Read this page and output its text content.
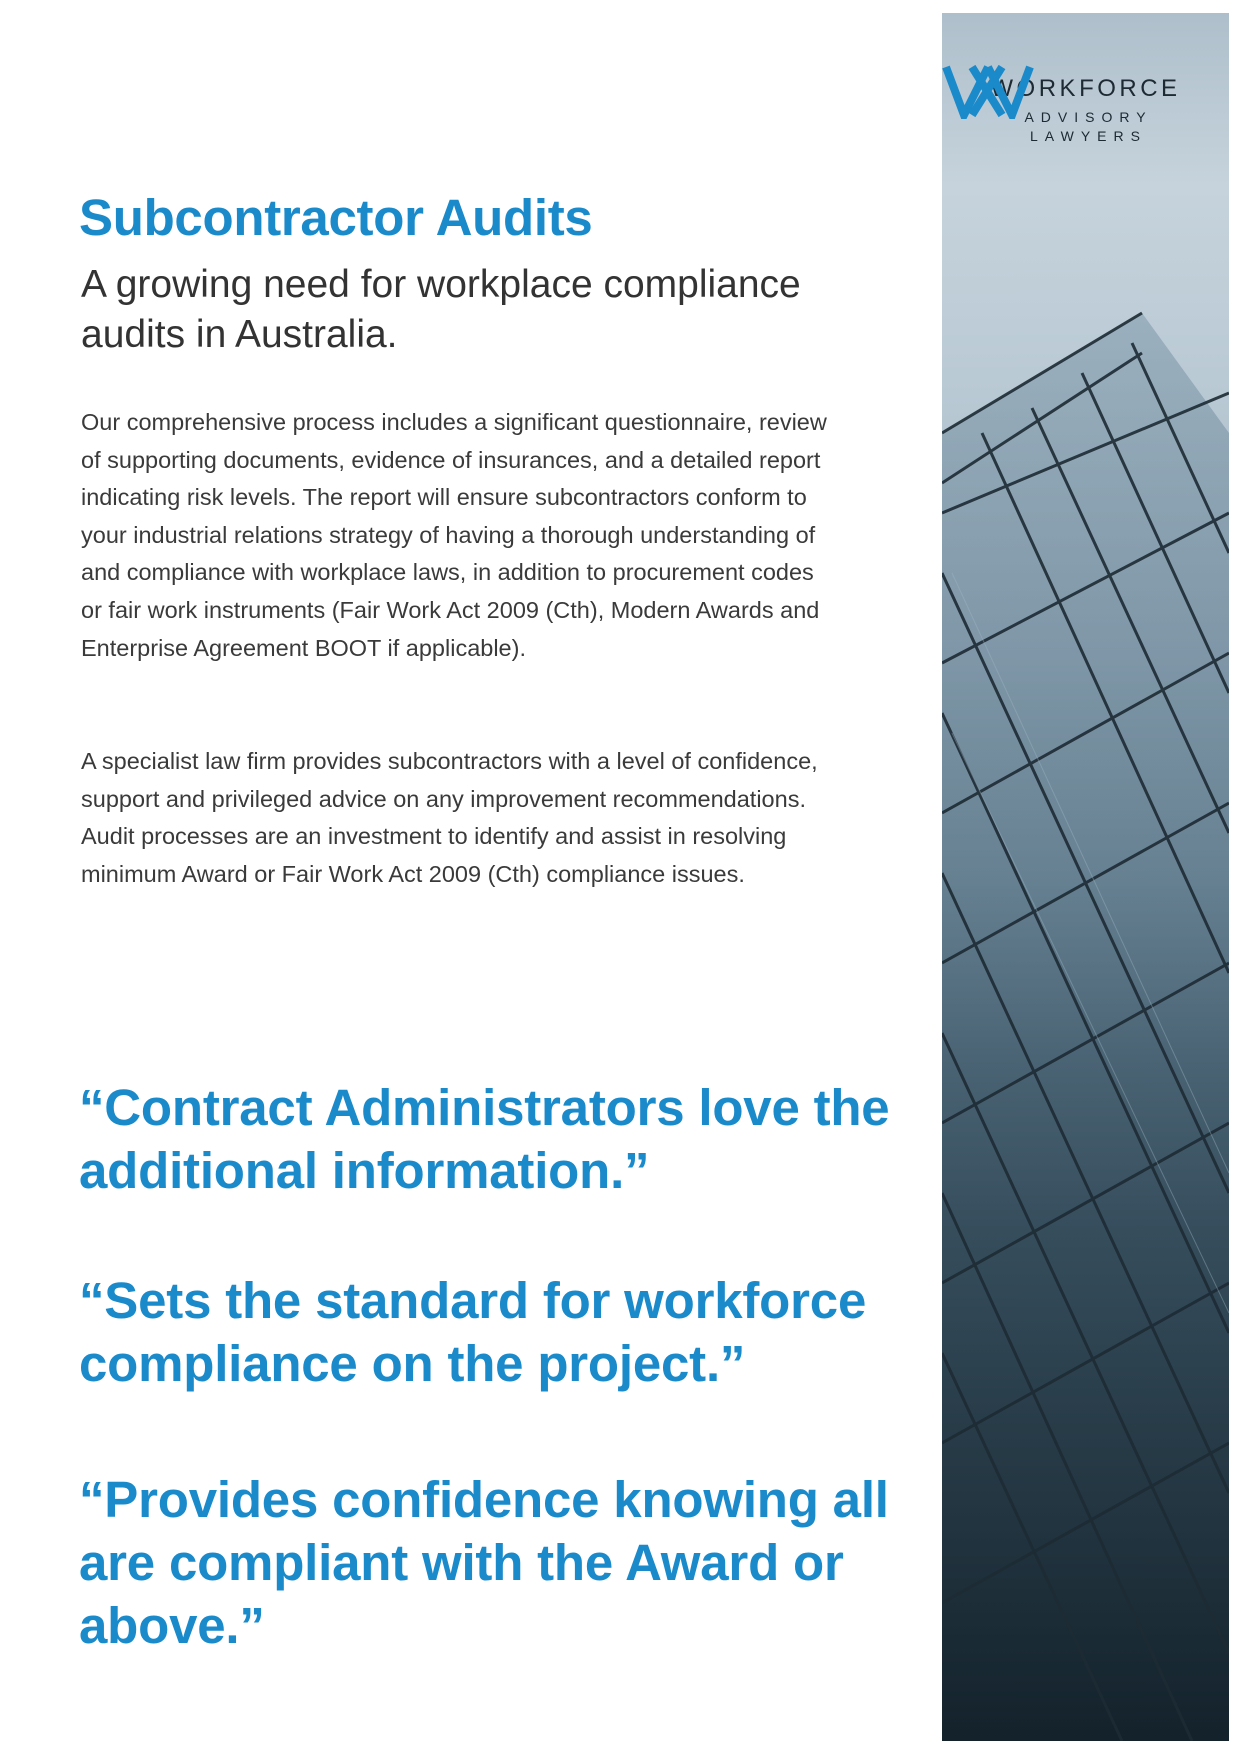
Subcontractor Audits
A growing need for workplace compliance audits in Australia.

Our comprehensive process includes a significant questionnaire, review of supporting documents, evidence of insurances, and a detailed report indicating risk levels. The report will ensure subcontractors conform to your industrial relations strategy of having a thorough understanding of and compliance with workplace laws, in addition to procurement codes or fair work instruments (Fair Work Act 2009 (Cth), Modern Awards and Enterprise Agreement BOOT if applicable).

A specialist law firm provides subcontractors with a level of confidence, support and privileged advice on any improvement recommendations. Audit processes are an investment to identify and assist in resolving minimum Award or Fair Work Act 2009 (Cth) compliance issues.

“Contract Administrators love the additional information.”

“Sets the standard for workforce compliance on the project.”

“Provides confidence knowing all are compliant with the Award or above.”

WORKFORCE
ADVISORY
LAWYERS
